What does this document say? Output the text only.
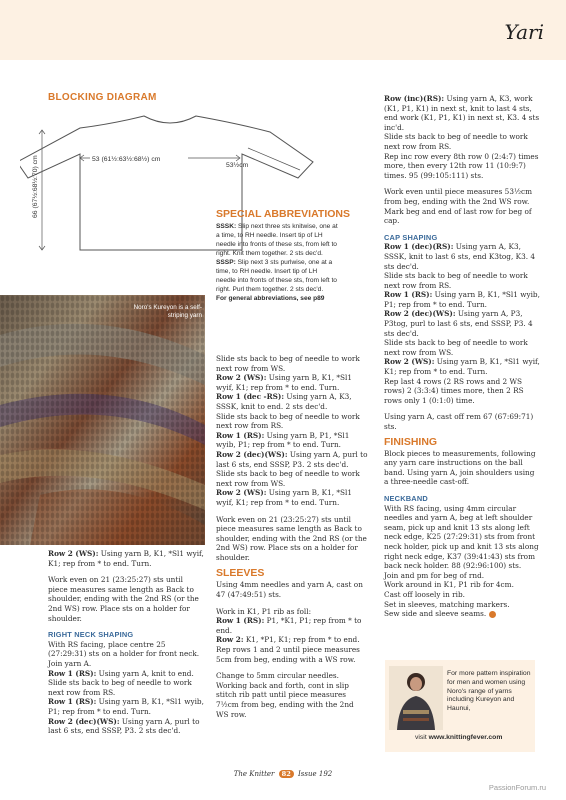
Yari
BLOCKING DIAGRAM
53 (61½:63½:68½) cm
53½cm
66 (67½:68½:70) cm	SPECIAL ABBREVIATIONS
SSSK: Slip next three sts knitwise, one at a time, to RH needle. Insert tip of LH needle into fronts of these sts, from left to right. Knit them together. 2 sts dec'd.
SSSP: Slip next 3 sts purlwise, one at a time, to RH needle. Insert tip of LH needle into fronts of these sts, from left to right. Purl them together. 2 sts dec'd.
For general abbreviations, see p89
Noro's Kureyon is a self-striping yarn

Row 2 (WS): Using yarn B, K1, *Sl1 wyif, K1; rep from * to end. Turn.

Work even on 21 (23:25:27) sts until piece measures same length as Back to shoulder, ending with the 2nd RS (or the 2nd WS) row. Place sts on a holder for shoulder.

RIGHT NECK SHAPING

With RS facing, place centre 25 (27:29:31) sts on a holder for front neck. Join yarn A.

Row 1 (RS): Using yarn A, knit to end.

Slide sts back to beg of needle to work next row from RS.

Row 1 (RS): Using yarn B, K1, *Sl1 wyib, P1; rep from * to end. Turn.

Row 2 (dec)(WS): Using yarn A, purl to last 6 sts, end SSSP, P3. 2 sts dec'd.

Slide sts back to beg of needle to work next row from WS.

Row 2 (WS): Using yarn B, K1, *Sl1 wyif, K1; rep from * to end. Turn.

Row 1 (dec -RS): Using yarn A, K3, SSSK, knit to end. 2 sts dec'd.

Slide sts back to beg of needle to work next row from RS.

Row 1 (RS): Using yarn B, P1, *Sl1 wyib, P1; rep from * to end. Turn.

Row 2 (dec)(WS): Using yarn A, purl to last 6 sts, end SSSP, P3. 2 sts dec'd.

Slide sts back to beg of needle to work next row from WS.

Row 2 (WS): Using yarn B, K1, *Sl1 wyif, K1; rep from * to end. Turn.

Work even on 21 (23:25:27) sts until piece measures same length as Back to shoulder, ending with the 2nd RS (or the 2nd WS) row. Place sts on a holder for shoulder.

SLEEVES

Using 4mm needles and yarn A, cast on 47 (47:49:51) sts.

Work in K1, P1 rib as foll:

Row 1 (RS): P1, *K1, P1; rep from * to end.

Row 2: K1, *P1, K1; rep from * to end.

Rep rows 1 and 2 until piece measures 5cm from beg, ending with a WS row.

Change to 5mm circular needles. Working back and forth, cont in slip stitch rib patt until piece measures 7½cm from beg, ending with the 2nd WS row.

Row (inc)(RS): Using yarn A, K3, work (K1, P1, K1) in next st, knit to last 4 sts, end work (K1, P1, K1) in next st, K3. 4 sts inc'd.

Slide sts back to beg of needle to work next row from RS.

Rep inc row every 8th row 0 (2:4:7) times more, then every 12th row 11 (10:9:7) times. 95 (99:105:111) sts.

Work even until piece measures 53½cm from beg, ending with the 2nd WS row. Mark beg and end of last row for beg of cap.

CAP SHAPING

Row 1 (dec)(RS): Using yarn A, K3, SSSK, knit to last 6 sts, end K3tog, K3. 4 sts dec'd.

Slide sts back to beg of needle to work next row from RS.

Row 1 (RS): Using yarn B, K1, *Sl1 wyib, P1; rep from * to end. Turn.

Row 2 (dec)(WS): Using yarn A, P3, P3tog, purl to last 6 sts, end SSSP, P3. 4 sts dec'd.

Slide sts back to beg of needle to work next row from WS.

Row 2 (WS): Using yarn B, K1, *Sl1 wyif, K1; rep from * to end. Turn.

Rep last 4 rows (2 RS rows and 2 WS rows) 2 (3:3:4) times more, then 2 RS rows only 1 (0:1:0) time.

Using yarn A, cast off rem 67 (67:69:71) sts.

FINISHING

Block pieces to measurements, following any yarn care instructions on the ball band. Using yarn A, join shoulders using a three-needle cast-off.

NECKBAND

With RS facing, using 4mm circular needles and yarn A, beg at left shoulder seam, pick up and knit 13 sts along left neck edge, K25 (27:29:31) sts from front neck holder, pick up and knit 13 sts along right neck edge, K37 (39:41:43) sts from back neck holder. 88 (92:96:100) sts.

Join and pm for beg of rnd.

Work around in K1, P1 rib for 4cm.

Cast off loosely in rib.

Set in sleeves, matching markers.

Sew side and sleeve seams.

For more pattern inspiration for men and women using Noro's range of yarns including Kureyon and Haunui,
visit www.knittingfever.com
The Knitter 82 Issue 192
PassionForum.ru
